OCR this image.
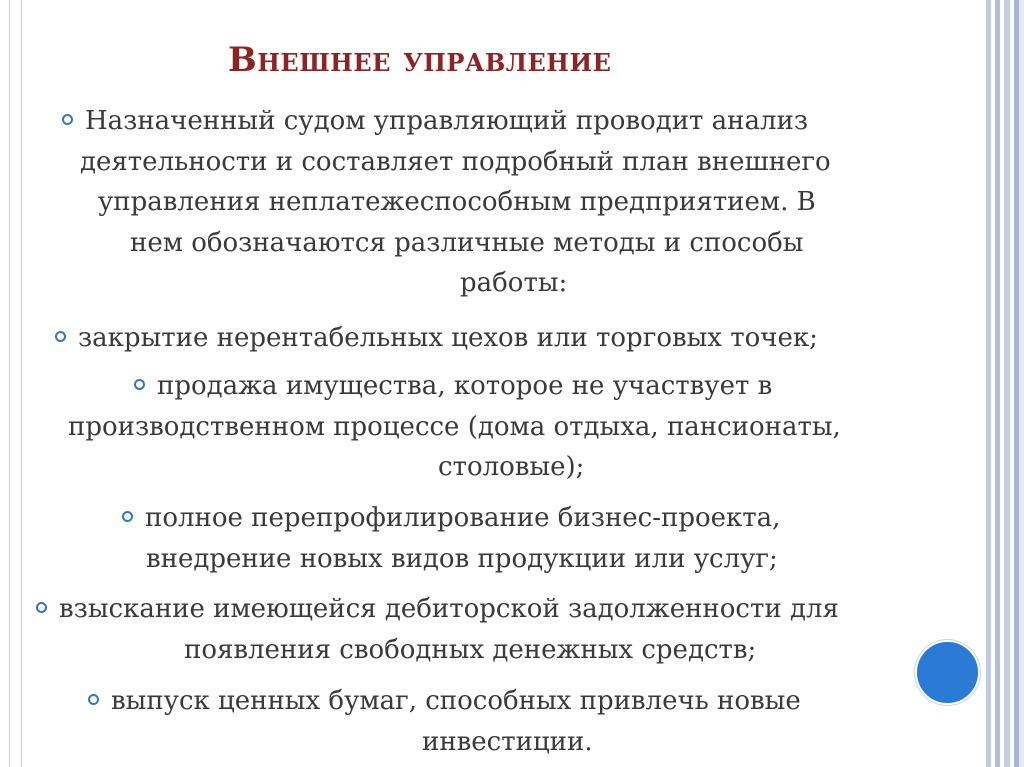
Внешнее управление
Назначенный судом управляющий проводит анализ
деятельности и составляет подробный план внешнего
управления неплатежеспособным предприятием. В
нем обозначаются различные методы и способы
работы:
закрытие нерентабельных цехов или торговых точек;
продажа имущества, которое не участвует в
производственном процессе (дома отдыха, пансионаты,
столовые);
полное перепрофилирование бизнес-проекта,
внедрение новых видов продукции или услуг;
взыскание имеющейся дебиторской задолженности для
появления свободных денежных средств;
выпуск ценных бумаг, способных привлечь новые
инвестиции.
